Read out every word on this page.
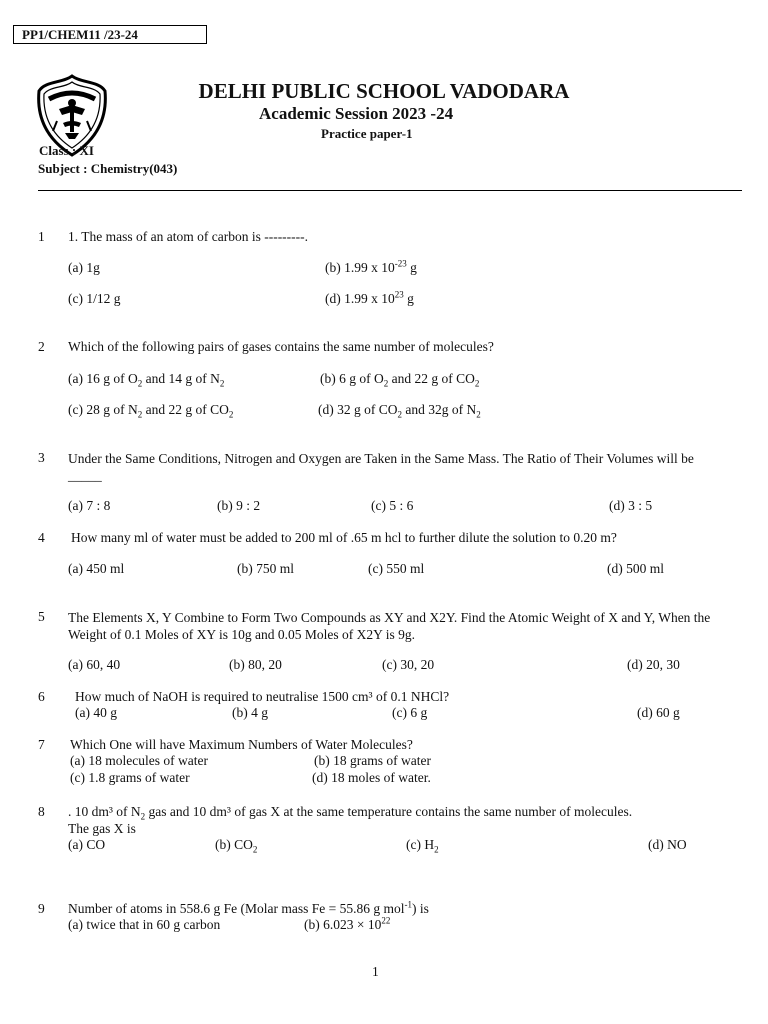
PP1/CHEM11 /23-24
DELHI PUBLIC SCHOOL VADODARA
Academic Session 2023 -24
Practice paper-1
Class : XI
Subject : Chemistry(043)
1 1. The mass of an atom of carbon is ---------.
(a) 1g	(b) 1.99 x $10^{-23}$ g
(c) 1/12 g	(d) 1.99 x $10^{23}$ g
2 Which of the following pairs of gases contains the same number of molecules?
(a) 16 g of $O_2$ and 14 g of $N_2$	(b) 6 g of $O_2$ and 22 g of $CO_2$
(c) 28 g of $N_2$ and 22 g of $CO_2$	(d) 32 g of $CO_2$ and 32g of $N_2$
3 Under the Same Conditions, Nitrogen and Oxygen are Taken in the Same Mass. The Ratio of Their Volumes will be _____
(a) 7 : 8	(b) 9 : 2	(c) 5 : 6	(d) 3 : 5
4 How many ml of water must be added to 200 ml of .65 m hcl to further dilute the solution to 0.20 m?
(a) 450 ml	(b) 750 ml	(c) 550 ml	(d) 500 ml
5 The Elements X, Y Combine to Form Two Compounds as XY and X2Y. Find the Atomic Weight of X and Y, When the Weight of 0.1 Moles of XY is 10g and 0.05 Moles of X2Y is 9g.
(a) 60, 40	(b) 80, 20	(c) 30, 20	(d) 20, 30
6 How much of NaOH is required to neutralise 1500 cm³ of 0.1 NHCl?
(a) 40 g	(b) 4 g	(c) 6 g	(d) 60 g
7 Which One will have Maximum Numbers of Water Molecules?
(a) 18 molecules of water	(b) 18 grams of water
(c) 1.8 grams of water	(d) 18 moles of water.
8 . 10 dm³ of $N_2$ gas and 10 dm³ of gas X at the same temperature contains the same number of molecules.
The gas X is
(a) CO	(b) $CO_2$	(c) $H_2$	(d) NO
9 Number of atoms in 558.6 g Fe (Molar mass Fe = 55.86 g mol$^{-1}$) is
(a) twice that in 60 g carbon	(b) $6.023 \times 10^{22}$
1
